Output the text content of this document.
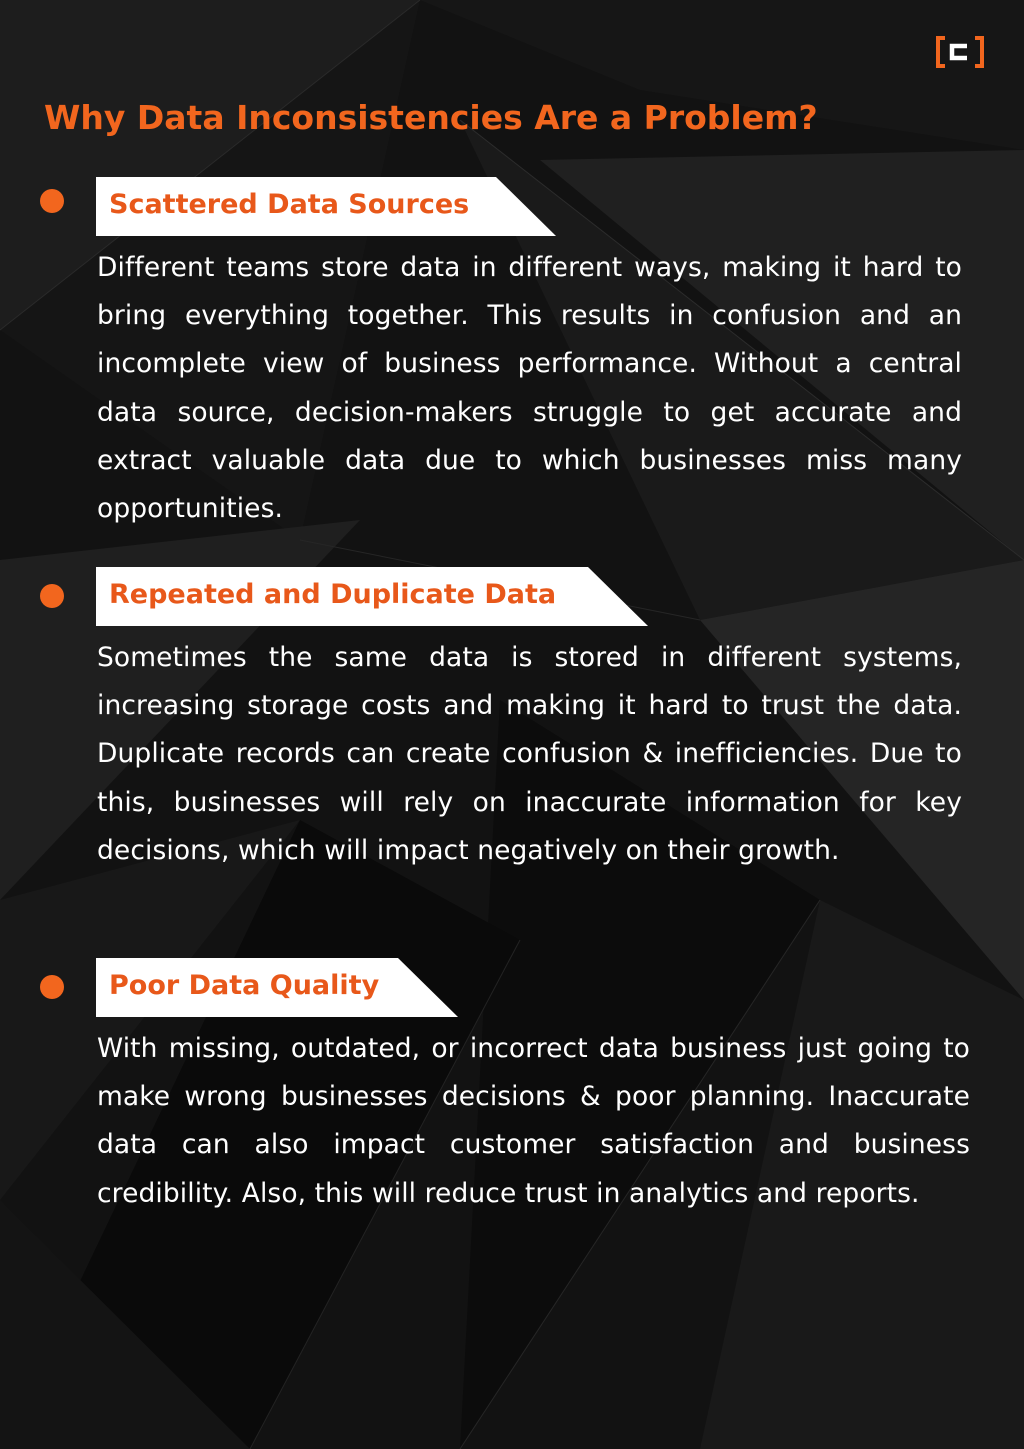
Why Data Inconsistencies Are a Problem?
Scattered Data Sources

Different teams store data in different ways, making it hard to bring everything together. This results in confusion and an incomplete view of business performance. Without a central data source, decision-makers struggle to get accurate and extract valuable data due to which businesses miss many opportunities.

Repeated and Duplicate Data

Sometimes the same data is stored in different systems, increasing storage costs and making it hard to trust the data. Duplicate records can create confusion & inefficiencies. Due to this, businesses will rely on inaccurate information for key decisions, which will impact negatively on their growth.

Poor Data Quality

With missing, outdated, or incorrect data business just going to make wrong businesses decisions & poor planning. Inaccurate data can also impact customer satisfaction and business credibility. Also, this will reduce trust in analytics and reports.
